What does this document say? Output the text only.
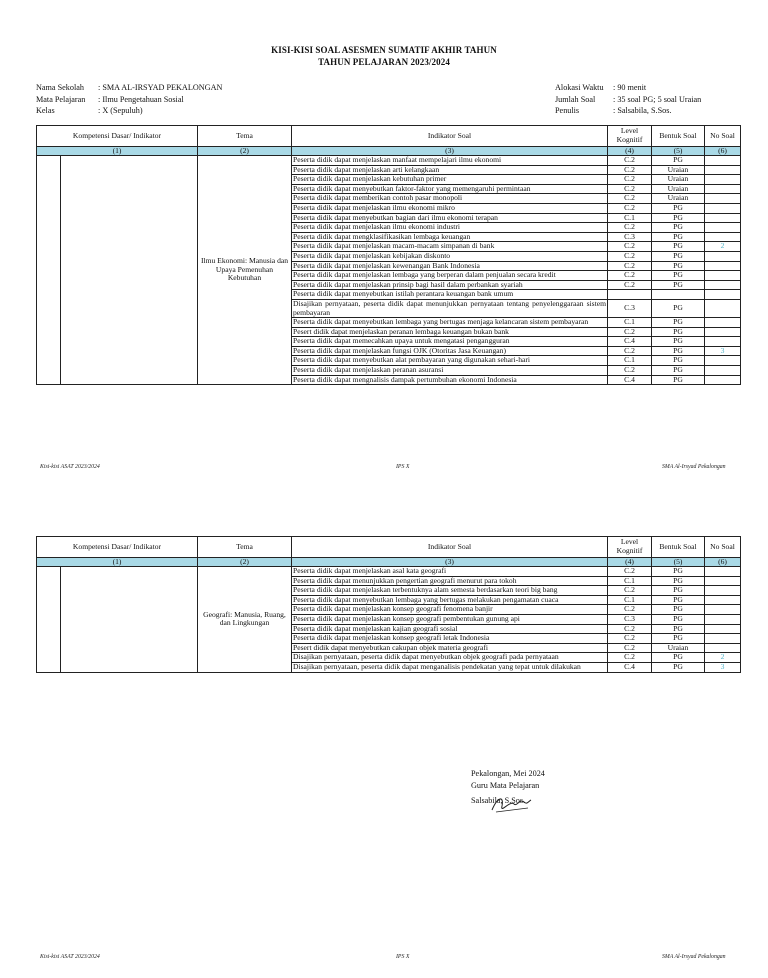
KISI-KISI SOAL ASESMEN SUMATIF AKHIR TAHUN
TAHUN PELAJARAN 2023/2024
Nama Sekolah : SMA AL-IRSYAD PEKALONGAN
Mata Pelajaran : Ilmu Pengetahuan Sosial
Kelas	: X (Sepuluh)
Alokasi Waktu : 90 menit
Jumlah Soal : 35 soal PG; 5 soal Uraian
Penulis	: Salsabila, S.Sos.
Kompetensi Dasar/ Indikator		Tema	Indikator Soal	Level Kognitif	Bentuk Soal	No Soal
(1)		(2)	(3)	(4)	(5)	(6)
		Ilmu Ekonomi: Manusia dan Upaya Pemenuhan Kebutuhan	Peserta didik dapat menjelaskan manfaat mempelajari ilmu ekonomi	C.2	PG	
			Peserta didik dapat menjelaskan arti kelangkaan	C.2	Uraian	
			Peserta didik dapat menjelaskan kebutuhan primer	C.2	Uraian	
			Peserta didik dapat menyebutkan faktor-faktor yang memengaruhi permintaan	C.2	Uraian	
			Peserta didik dapat memberikan contoh pasar monopoli	C.2	Uraian	
			Peserta didik dapat menjelaskan ilmu ekonomi mikro	C.2	PG	
			Peserta didik dapat menyebutkan bagian dari ilmu ekonomi terapan	C.1	PG	
			Peserta didik dapat menjelaskan ilmu ekonomi industri	C.2	PG	
			Peserta didik dapat mengklasifikasikan lembaga keuangan	C.3	PG	
			Peserta didik dapat menjelaskan macam-macam simpanan di bank	C.2	PG	2
			Peserta didik dapat menjelaskan kebijakan diskonto	C.2	PG	
			Peserta didik dapat menjelaskan kewenangan Bank Indonesia	C.2	PG	
			Peserta didik dapat menjelaskan lembaga yang berperan dalam penjualan secara kredit	C.2	PG	
			Peserta didik dapat menjelaskan prinsip bagi hasil dalam perbankan syariah	C.2	PG	
			Peserta didik dapat menyebutkan istilah perantara keuangan bank umum			
			Disajikan pernyataan, peserta didik dapat menunjukkan pernyataan tentang penyelenggaraan sistem pembayaran	C.3	PG	
			Peserta didik dapat menyebutkan lembaga yang bertugas menjaga kelancaran sistem pembayaran	C.1	PG	
			Pesert didik dapat menjelaskan peranan lembaga keuangan bukan bank	C.2	PG	
			Peserta didik dapat memecahkan upaya untuk mengatasi pengangguran	C.4	PG	
			Peserta didik dapat menjelaskan fungsi OJK (Otoritas Jasa Keuangan)	C.2	PG	3
			Peserta didik dapat menyebutkan alat pembayaran yang digunakan sehari-hari	C.1	PG	
			Peserta didik dapat menjelaskan peranan asuransi	C.2	PG	
			Peserta didik dapat mengnalisis dampak pertumbuhan ekonomi Indonesia	C.4	PG	
Kisi-kisi ASAT 2023/2024	IPS X	SMA Al-Irsyad Pekalongan
Kompetensi Dasar/ Indikator		Tema	Indikator Soal	Level Kognitif	Bentuk Soal	No Soal
(1)		(2)	(3)	(4)	(5)	(6)
		Geografi: Manusia, Ruang, dan Lingkungan	Peserta didik dapat menjelaskan asal kata geografi	C.2	PG	
			Peserta didik dapat menunjukkan pengertian geografi menurut para tokoh	C.1	PG	
			Peserta didik dapat menjelaskan terbentuknya alam semesta berdasarkan teori big bang	C.2	PG	
			Peserta didik dapat menyebutkan lembaga yang bertugas melakukan pengamatan cuaca	C.1	PG	
			Peserta didik dapat menjelaskan konsep geografi fenomena banjir	C.2	PG	
			Peserta didik dapat menjelaskan konsep geografi pembentukan gunung api	C.3	PG	
			Peserta didik dapat menjelaskan kajian geografi sosial	C.2	PG	
			Peserta didik dapat menjelaskan konsep geografi letak Indonesia	C.2	PG	
			Pesert didik dapat menyebutkan cakupan objek materia geografi	C.2	Uraian	
			Disajikan pernyataan, peserta didik dapat menyebutkan objek geografi pada pernyataan	C.2	PG	2
			Disajikan pernyataan, peserta didik dapat menganalisis pendekatan yang tepat untuk dilakukan	C.4	PG	3
Pekalongan, Mei 2024
Guru Mata Pelajaran
Salsabila, S.Sos.
Kisi-kisi ASAT 2023/2024	IPS X	SMA Al-Irsyad Pekalongan
